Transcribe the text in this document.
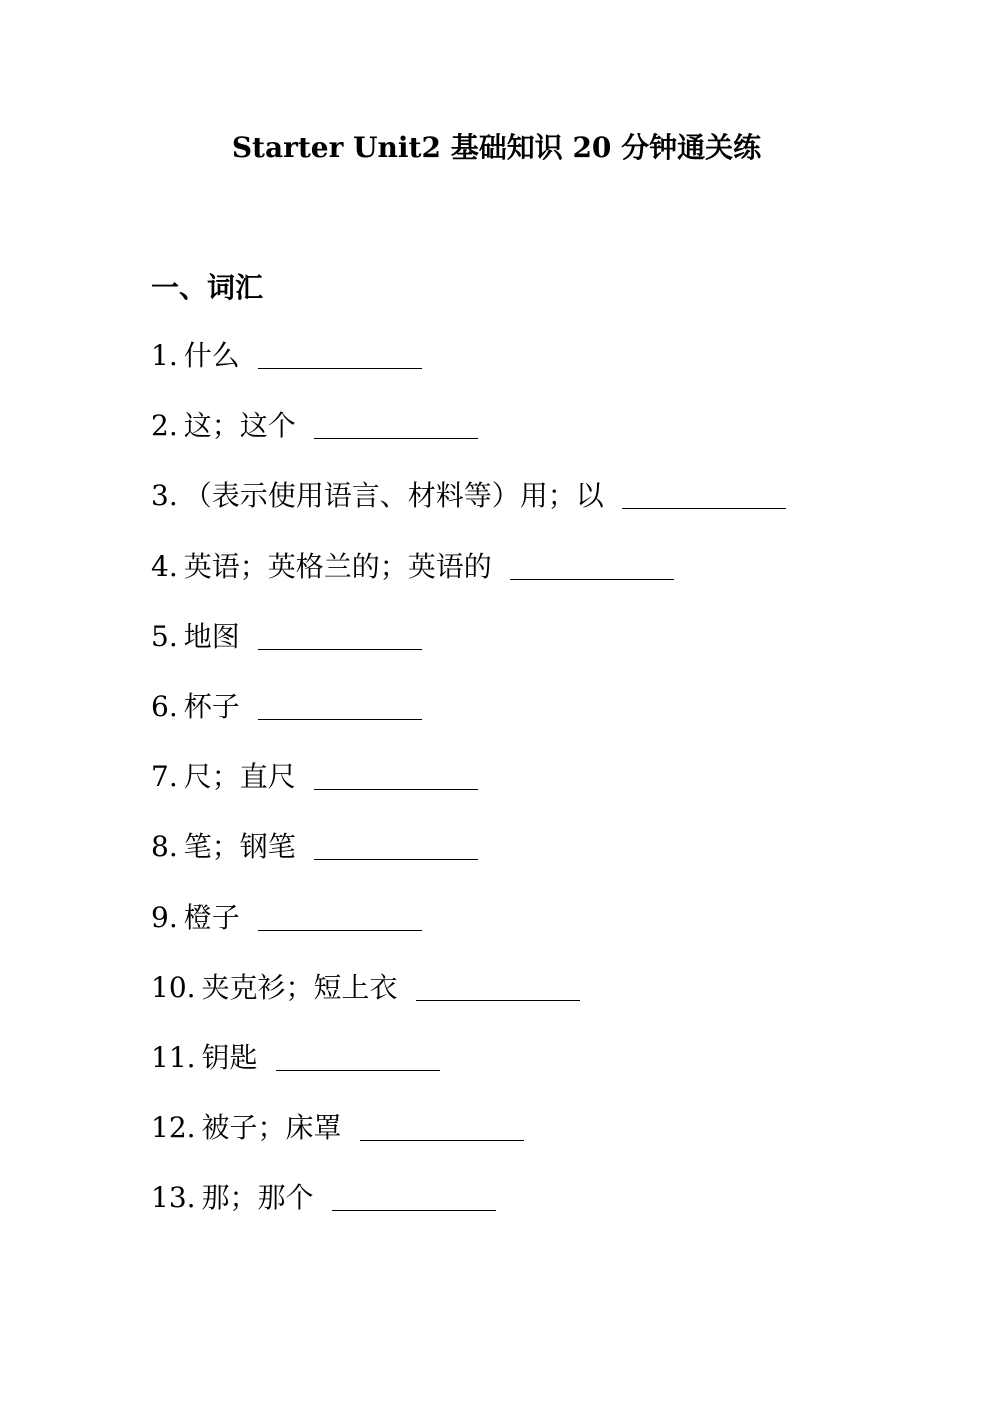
Starter Unit2 基础知识 20 分钟通关练
一、词汇
1. 什么
2. 这；这个
3. （表示使用语言、材料等）用；以
4. 英语；英格兰的；英语的
5. 地图
6. 杯子
7. 尺；直尺
8. 笔；钢笔
9. 橙子
10. 夹克衫；短上衣
11. 钥匙
12. 被子；床罩
13. 那；那个
